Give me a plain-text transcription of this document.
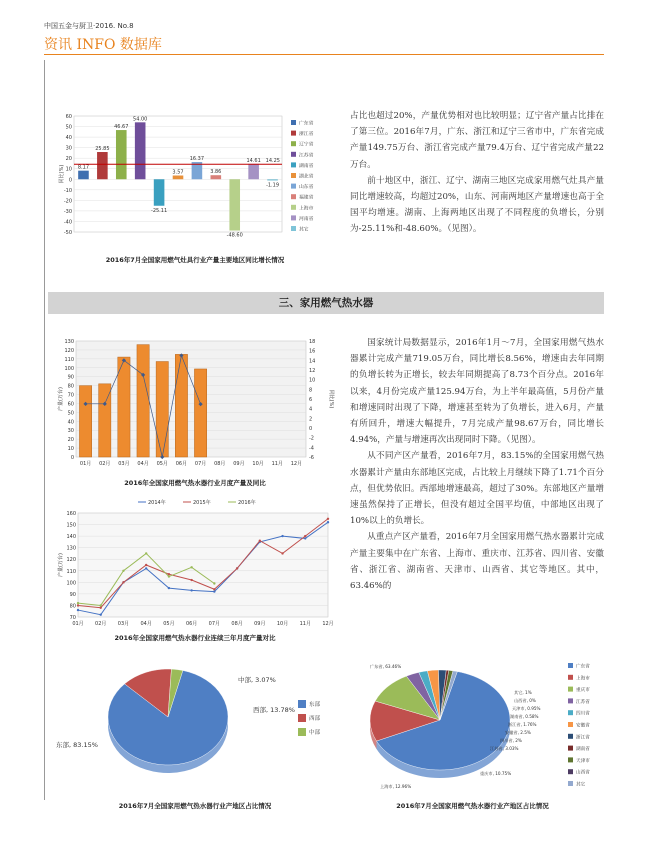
中国五金与厨卫·2016. No.8
资讯 INFO 数据库
60
50
40
30
20
10
0
-10
-20
-30
-40
-50
同比(%)	8.17
25.85
46.67
54.00
-25.11
3.57
16.37
3.86
-48.60
14.61
-1.19
14.25
广东省
浙江省
辽宁省
江苏省
湖南省
湖北省
山东省
福建省
上海市
河南省
其它
2016年7月全国家用燃气灶具行业产量主要地区同比增长情况

占比也超过20%，产量优势相对也比较明显；辽宁省产量占比排在了第三位。2016年7月，广东、浙江和辽宁三省市中，广东省完成产量149.75万台、浙江省完成产量79.4万台、辽宁省完成产量22万台。

前十地区中，浙江、辽宁、湖南三地区完成家用燃气灶具产量同比增速较高，均超过20%，山东、河南两地区产量增速也高于全国平均增速。湖南、上海两地区出现了不同程度的负增长，分别为-25.11%和-48.60%。（见图）。

三、家用燃气热水器
130
120
110
100
90
80
70
60
50
40
30
20
10
0
18
16
14
12
10
8
6
4
2
0
-2
-4
-6
产量(万台)	同比(%)
01月 02月 03月 04月 05月 06月 07月 08月 09月 10月 11月 12月
2016年全国家用燃气热水器行业月度产量及同比
2014年	2015年	2016年
160
150
140
130
120
110
100
90
80
70
产量(万台)
01月 02月 03月 04月 05月 06月 07月 08月 09月 10月 11月 12月
2016年全国家用燃气热水器行业连续三年月度产量对比

国家统计局数据显示，2016年1月～7月，全国家用燃气热水器累计完成产量719.05万台，同比增长8.56%，增速由去年同期的负增长转为正增长，较去年同期提高了8.73个百分点。2016年以来，4月份完成产量125.94万台，为上半年最高值，5月份产量和增速同时出现了下降，增速甚至转为了负增长，进入6月，产量有所回升，增速大幅提升，7月完成产量98.67万台，同比增长4.94%，产量与增速再次出现同时下降。（见图）。

从不同产区产量看，2016年7月，83.15%的全国家用燃气热水器累计产量由东部地区完成，占比较上月继续下降了1.71个百分点，但优势依旧。西部地增速最高，超过了30%。东部地区产量增速虽然保持了正增长，但没有超过全国平均值，中部地区出现了10%以上的负增长。

从重点产区产量看，2016年7月全国家用燃气热水器累计完成产量主要集中在广东省、上海市、重庆市、江苏省、四川省、安徽省、浙江省、湖南省、天津市、山西省、其它等地区。其中，63.46%的

东部, 83.15%
西部, 13.78%
中部, 3.07%
东部
西部
中部
2016年7月全国家用燃气热水器行业产地区占比情况
广东省, 63.46%
上海市, 12.96%
重庆市, 10.75%
江苏省, 3.03%
四川省, 2%
安徽省, 2.5%
浙江省, 1.76%
湖南省, 0.58%
天津市, 0.95%
山西省, 0%
其它, 1%
广东省
上海市
重庆市
江苏省
四川省
安徽省
浙江省
湖南省
天津市
山西省
其它
2016年7月全国家用燃气热水器行业产地区占比情况
